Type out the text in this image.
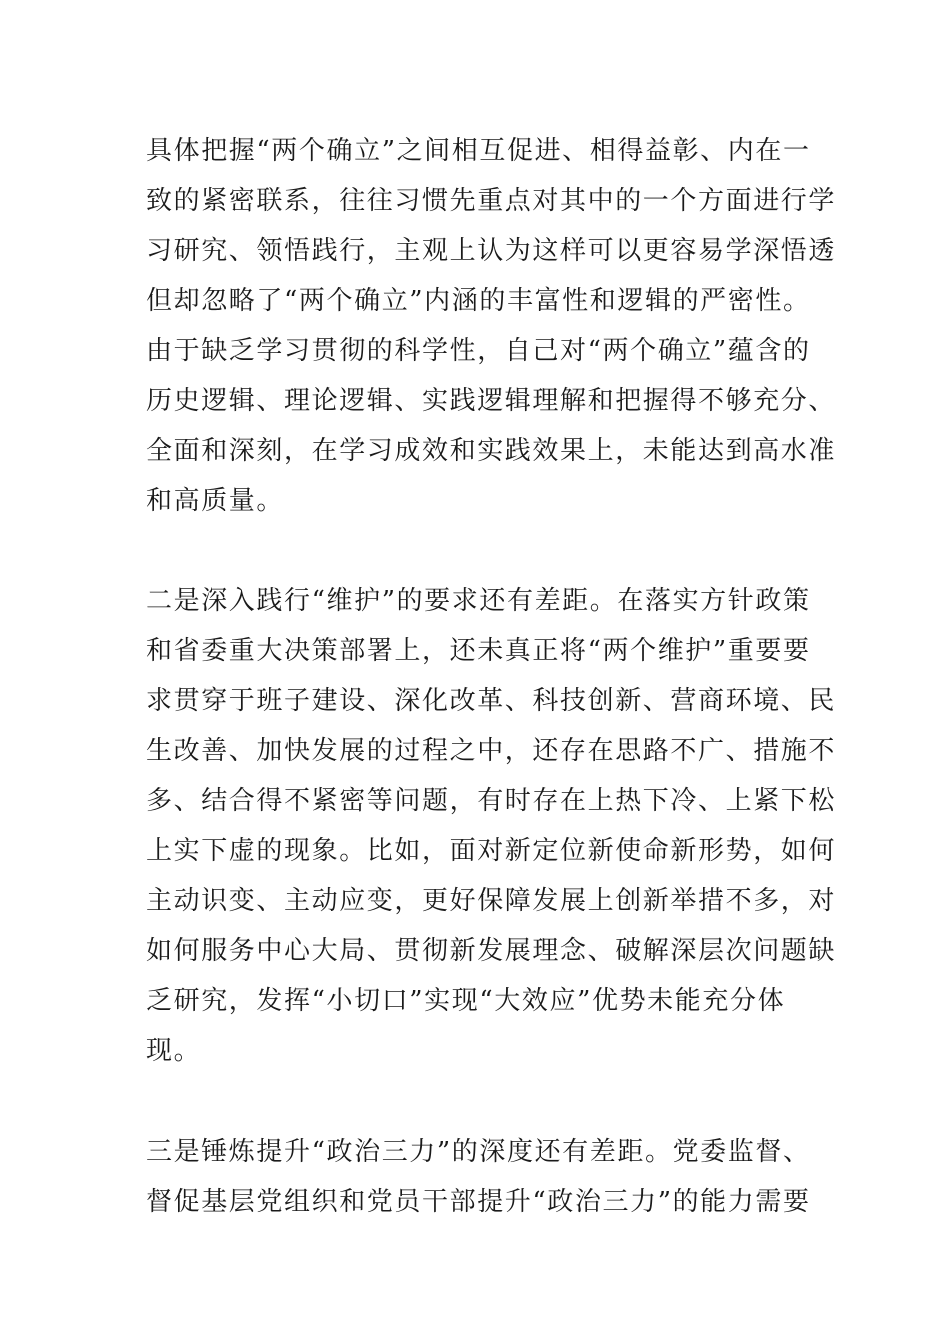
具体把握“两个确立”之间相互促进、相得益彰、内在一
致的紧密联系，往往习惯先重点对其中的一个方面进行学
习研究、领悟践行，主观上认为这样可以更容易学深悟透
但却忽略了“两个确立”内涵的丰富性和逻辑的严密性。
由于缺乏学习贯彻的科学性，自己对“两个确立”蕴含的
历史逻辑、理论逻辑、实践逻辑理解和把握得不够充分、
全面和深刻，在学习成效和实践效果上，未能达到高水准
和高质量。
二是深入践行“维护”的要求还有差距。在落实方针政策
和省委重大决策部署上，还未真正将“两个维护”重要要
求贯穿于班子建设、深化改革、科技创新、营商环境、民
生改善、加快发展的过程之中，还存在思路不广、措施不
多、结合得不紧密等问题，有时存在上热下冷、上紧下松
上实下虚的现象。比如，面对新定位新使命新形势，如何
主动识变、主动应变，更好保障发展上创新举措不多，对
如何服务中心大局、贯彻新发展理念、破解深层次问题缺
乏研究，发挥“小切口”实现“大效应”优势未能充分体
现。
三是锤炼提升“政治三力”的深度还有差距。党委监督、
督促基层党组织和党员干部提升“政治三力”的能力需要
